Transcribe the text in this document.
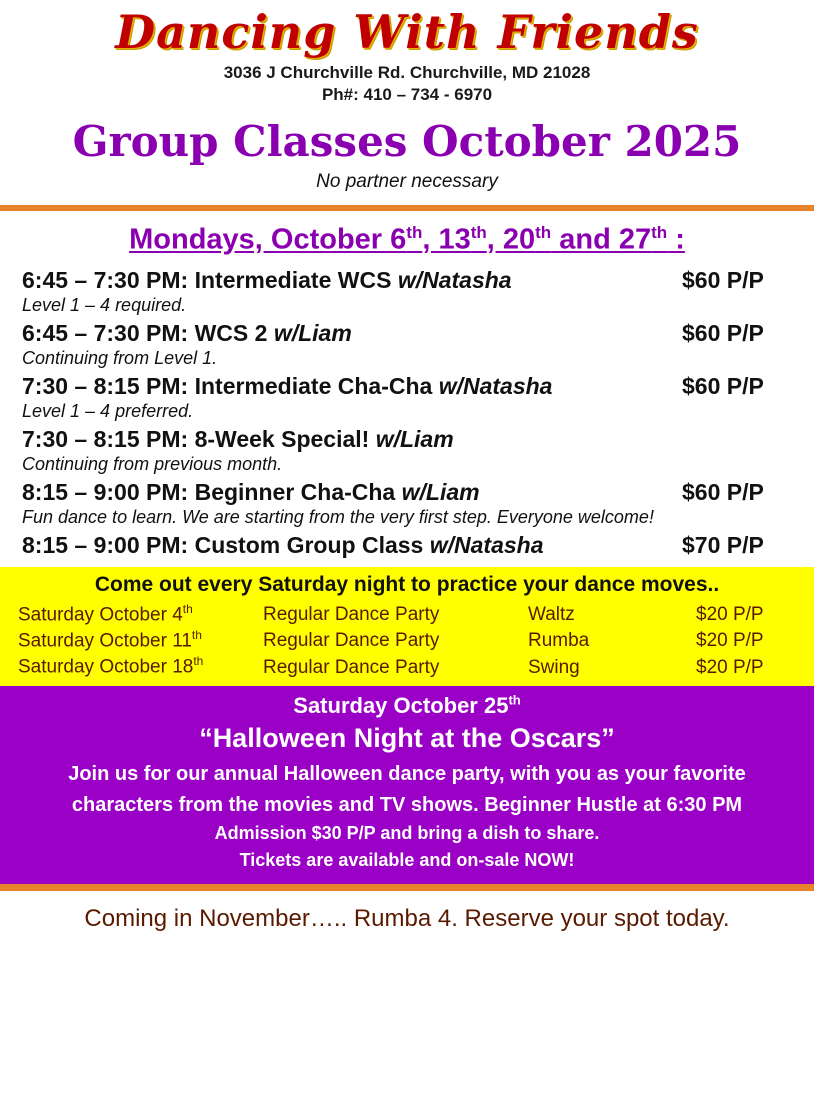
Dancing With Friends
3036 J Churchville Rd. Churchville, MD 21028
Ph#: 410 – 734 - 6970
Group Classes October 2025
No partner necessary
Mondays, October 6th, 13th, 20th and 27th :
6:45 – 7:30 PM: Intermediate WCS w/Natasha	$60 P/P
Level 1 – 4 required.
6:45 – 7:30 PM: WCS 2 w/Liam	$60 P/P
Continuing from Level 1.
7:30 – 8:15 PM: Intermediate Cha-Cha w/Natasha	$60 P/P
Level 1 – 4 preferred.
7:30 – 8:15 PM: 8-Week Special! w/Liam
Continuing from previous month.
8:15 – 9:00 PM: Beginner Cha-Cha w/Liam	$60 P/P
Fun dance to learn. We are starting from the very first step. Everyone welcome!
8:15 – 9:00 PM: Custom Group Class w/Natasha	$70 P/P
Come out every Saturday night to practice your dance moves..
Saturday October 4th	Regular Dance Party	Waltz	$20 P/P
Saturday October 11th	Regular Dance Party	Rumba	$20 P/P
Saturday October 18th	Regular Dance Party	Swing	$20 P/P
Saturday October 25th
“Halloween Night at the Oscars”
Join us for our annual Halloween dance party, with you as your favorite
characters from the movies and TV shows. Beginner Hustle at 6:30 PM
Admission $30 P/P and bring a dish to share.
Tickets are available and on-sale NOW!
Coming in November….. Rumba 4. Reserve your spot today.
